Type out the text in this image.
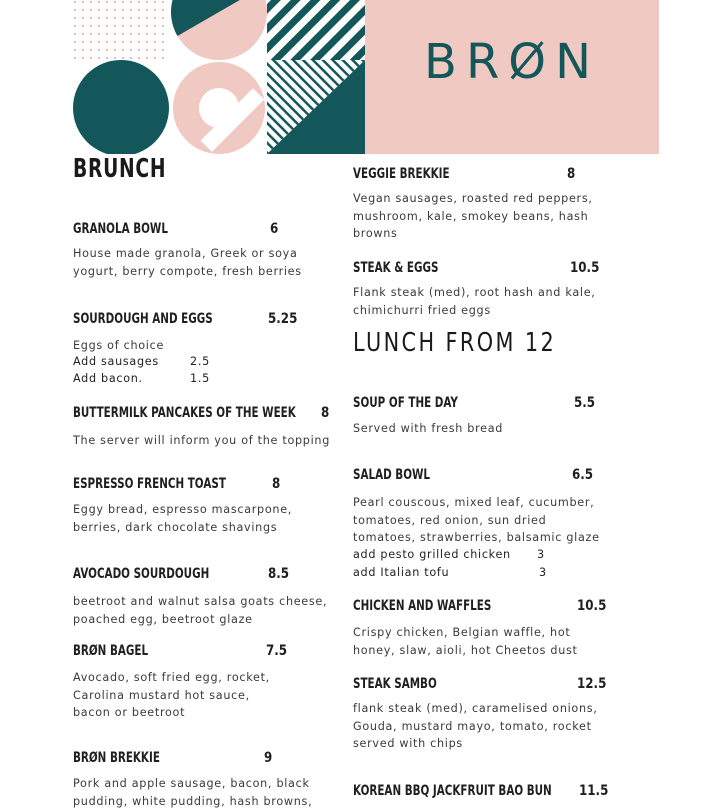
BRØN
BRUNCH
LUNCH FROM 12
GRANOLA BOWL	6
House made granola, Greek or soya
yogurt, berry compote, fresh berries
SOURDOUGH AND EGGS	5.25
Eggs of choice
Add sausages	2.5
Add bacon.	1.5
BUTTERMILK PANCAKES OF THE WEEK 8
The server will inform you of the topping
ESPRESSO FRENCH TOAST	8
Eggy bread, espresso mascarpone,
berries, dark chocolate shavings
AVOCADO SOURDOUGH	8.5
beetroot and walnut salsa goats cheese,
poached egg, beetroot glaze
BRØN BAGEL	7.5
Avocado, soft fried egg, rocket,
Carolina mustard hot sauce,
bacon or beetroot
BRØN BREKKIE	9
Pork and apple sausage, bacon, black
pudding, white pudding, hash browns,
VEGGIE BREKKIE	8
Vegan sausages, roasted red peppers,
mushroom, kale, smokey beans, hash
browns
STEAK & EGGS	10.5
Flank steak (med), root hash and kale,
chimichurri fried eggs
SOUP OF THE DAY	5.5
Served with fresh bread
SALAD BOWL	6.5
Pearl couscous, mixed leaf, cucumber,
tomatoes, red onion, sun dried
tomatoes, strawberries, balsamic glaze
add pesto grilled chicken 3
add Italian tofu	3
CHICKEN AND WAFFLES	10.5
Crispy chicken, Belgian waffle, hot
honey, slaw, aioli, hot Cheetos dust
STEAK SAMBO	12.5
flank steak (med), caramelised onions,
Gouda, mustard mayo, tomato, rocket
served with chips
KOREAN BBQ JACKFRUIT BAO BUN 11.5
